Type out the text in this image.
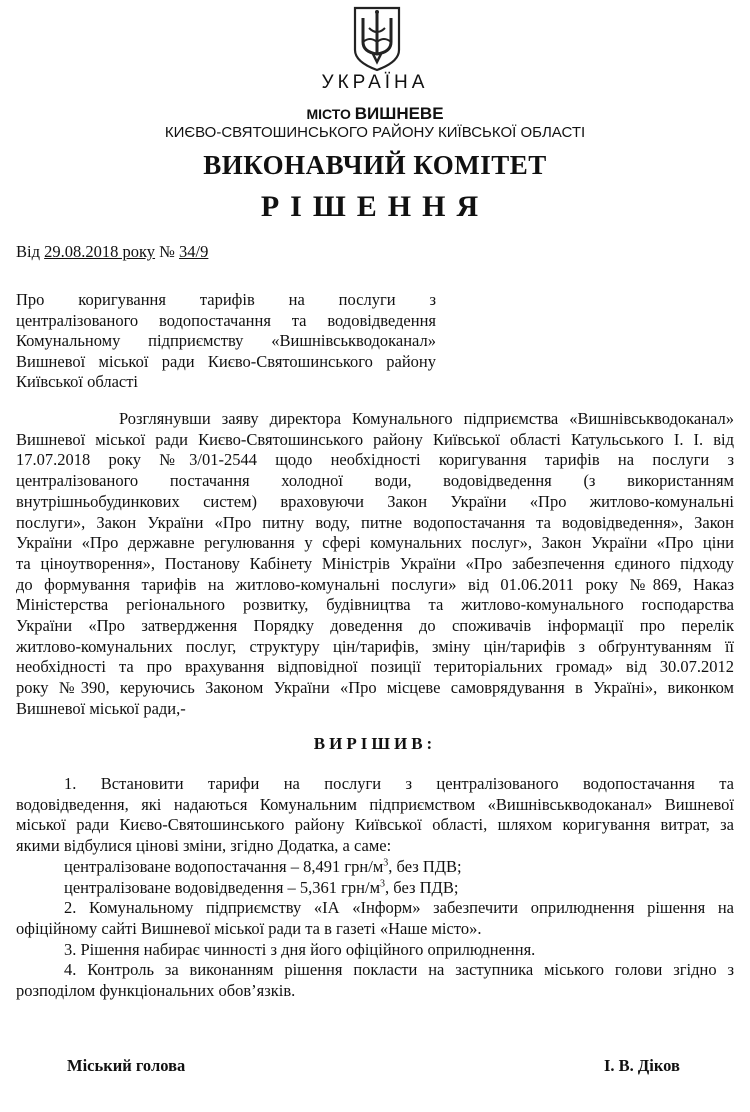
УКРАЇНА
МІСТО ВИШНЕВЕ
КИЄВО-СВЯТОШИНСЬКОГО РАЙОНУ КИЇВСЬКОЇ ОБЛАСТІ
ВИКОНАВЧИЙ КОМІТЕТ
РІШЕННЯ
Від 29.08.2018 року № 34/9
Про коригування тарифів на послуги з
централізованого водопостачання та водовідведення
Комунальному підприємству «Вишнівськводоканал»
Вишневої міської ради Києво-Святошинського району
Київської області
Розглянувши заяву директора Комунального підприємства «Вишнівськводоканал»
Вишневої міської ради Києво-Святошинського району Київської області Катульського І. І. від
17.07.2018 року №3/01-2544 щодо необхідності коригування тарифів на послуги з
централізованого постачання холодної води, водовідведення (з використанням
внутрішньобудинкових систем) враховуючи Закон України «Про житлово-комунальні
послуги», Закон України «Про питну воду, питне водопостачання та водовідведення», Закон
України «Про державне регулювання у сфері комунальних послуг», Закон України «Про ціни
та ціноутворення», Постанову Кабінету Міністрів України «Про забезпечення єдиного підходу
до формування тарифів на житлово-комунальні послуги» від 01.06.2011 року №869, Наказ
Міністерства регіонального розвитку, будівництва та житлово-комунального господарства
України «Про затвердження Порядку доведення до споживачів інформації про перелік
житлово-комунальних послуг, структуру цін/тарифів, зміну цін/тарифів з обґрунтуванням її
необхідності та про врахування відповідної позиції територіальних громад» від 30.07.2012
року №390, керуючись Законом України «Про місцеве самоврядування в Україні», виконком
Вишневої міської ради,-
ВИРІШИВ:
1. Встановити тарифи на послуги з централізованого водопостачання та
водовідведення, які надаються Комунальним підприємством «Вишнівськводоканал» Вишневої
міської ради Києво-Святошинського району Київської області, шляхом коригування витрат, за
якими відбулися цінові зміни, згідно Додатка, а саме:
централізоване водопостачання – 8,491 грн/$м^3$, без ПДВ;
централізоване водовідведення – 5,361 грн/$м^3$, без ПДВ;
2. Комунальному підприємству «ІА «Інформ» забезпечити оприлюднення рішення на
офіційному сайті Вишневої міської ради та в газеті «Наше місто».
3. Рішення набирає чинності з дня його офіційного оприлюднення.
4. Контроль за виконанням рішення покласти на заступника міського голови згідно з
розподілом функціональних обов’язків.
Міський голова	І. В. Діков
